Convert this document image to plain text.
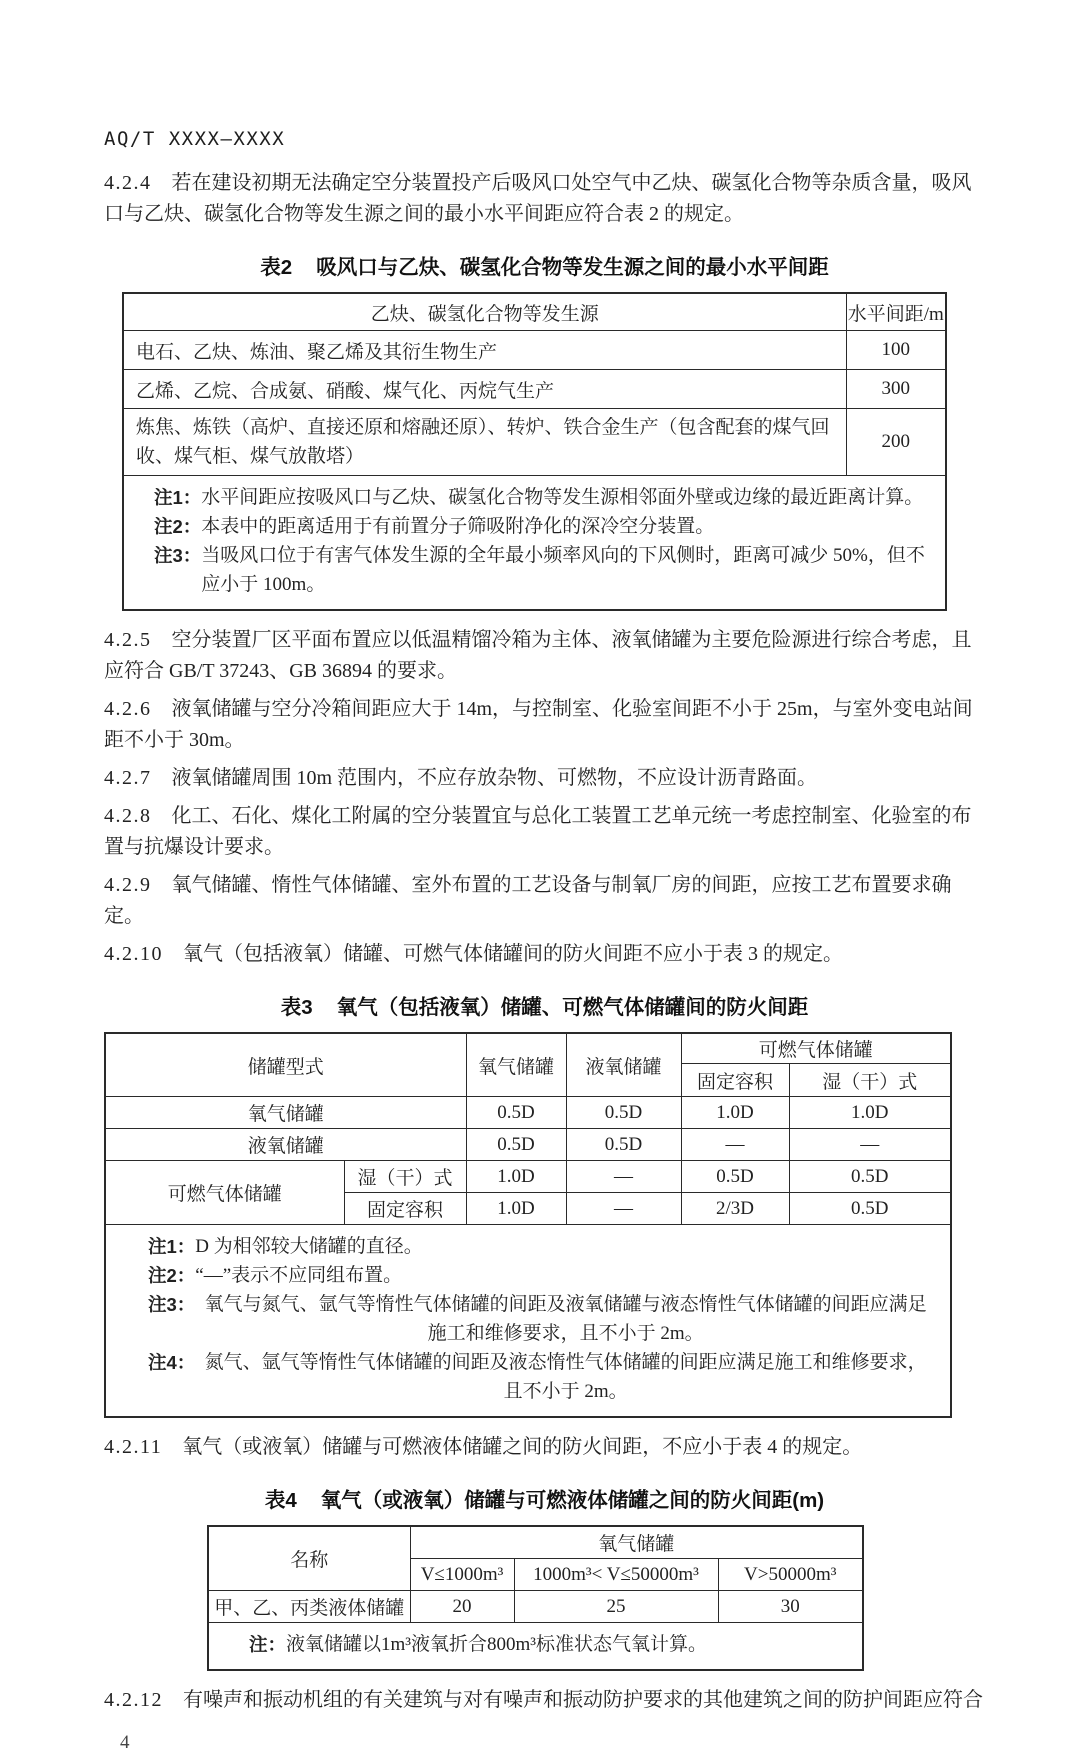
AQ/T XXXX—XXXX

4.2.4 若在建设初期无法确定空分装置投产后吸风口处空气中乙炔、碳氢化合物等杂质含量，吸风口与乙炔、碳氢化合物等发生源之间的最小水平间距应符合表 2 的规定。

表2 吸风口与乙炔、碳氢化合物等发生源之间的最小水平间距
乙炔、碳氢化合物等发生源	水平间距/m
电石、乙炔、炼油、聚乙烯及其衍生物生产	100
乙烯、乙烷、合成氨、硝酸、煤气化、丙烷气生产	300
炼焦、炼铁（高炉、直接还原和熔融还原）、转炉、铁合金生产（包含配套的煤气回收、煤气柜、煤气放散塔）	200

注1： 水平间距应按吸风口与乙炔、碳氢化合物等发生源相邻面外壁或边缘的最近距离计算。
注2： 本表中的距离适用于有前置分子筛吸附净化的深冷空分装置。
注3： 当吸风口位于有害气体发生源的全年最小频率风向的下风侧时，距离可减少 50%，但不应小于 100m。

4.2.5 空分装置厂区平面布置应以低温精馏冷箱为主体、液氧储罐为主要危险源进行综合考虑，且应符合 GB/T 37243、GB 36894 的要求。

4.2.6 液氧储罐与空分冷箱间距应大于 14m，与控制室、化验室间距不小于 25m，与室外变电站间距不小于 30m。

4.2.7 液氧储罐周围 10m 范围内，不应存放杂物、可燃物，不应设计沥青路面。

4.2.8 化工、石化、煤化工附属的空分装置宜与总化工装置工艺单元统一考虑控制室、化验室的布置与抗爆设计要求。

4.2.9 氧气储罐、惰性气体储罐、室外布置的工艺设备与制氧厂房的间距，应按工艺布置要求确定。

4.2.10 氧气（包括液氧）储罐、可燃气体储罐间的防火间距不应小于表 3 的规定。

表3 氧气（包括液氧）储罐、可燃气体储罐间的防火间距
储罐型式		氧气储罐	液氧储罐	可燃气体储罐	
				固定容积	湿（干）式
氧气储罐		0.5D	0.5D	1.0D	1.0D
液氧储罐		0.5D	0.5D	—	—
可燃气体储罐	湿（干）式	1.0D	—	0.5D	0.5D
	固定容积	1.0D	—	2/3D	0.5D

注1： D 为相邻较大储罐的直径。
注2： “—”表示不应同组布置。
注3： 氧气与氮气、氩气等惰性气体储罐的间距及液氧储罐与液态惰性气体储罐的间距应满足施工和维修要求，且不小于 2m。
注4： 氮气、氩气等惰性气体储罐的间距及液态惰性气体储罐的间距应满足施工和维修要求，且不小于 2m。

4.2.11 氧气（或液氧）储罐与可燃液体储罐之间的防火间距，不应小于表 4 的规定。

表4 氧气（或液氧）储罐与可燃液体储罐之间的防火间距(m)
名称	氧气储罐		
	V≤1000m³	1000m³< V≤50000m³	V>50000m³
甲、乙、丙类液体储罐	20	25	30

注： 液氧储罐以1m³液氧折合800m³标准状态气氧计算。			

4.2.12 有噪声和振动机组的有关建筑与对有噪声和振动防护要求的其他建筑之间的防护间距应符合

4
